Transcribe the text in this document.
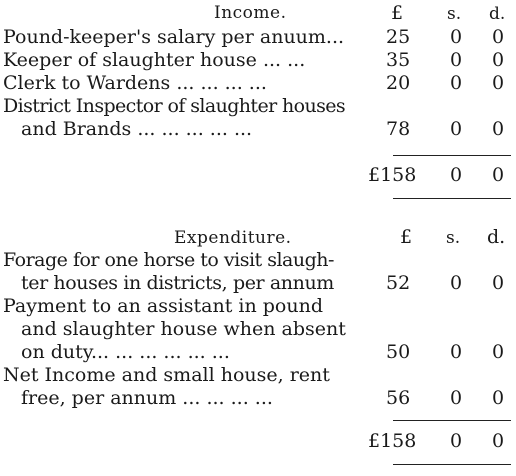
Income.	£	s. d.
Pound-keeper's salary per anuum... 25 0 0
Keeper of slaughter house ... ...	35 0 0
Clerk to Wardens ... ... ... ...	20 0 0
District Inspector of slaughter houses
and Brands ... ... ... ... ...	78 0 0
£158 0 0
Expenditure.	£ s. d.
Forage for one horse to visit slaugh-
ter houses in districts, per annum	52 0 0
Payment to an assistant in pound
and slaughter house when absent
on duty... ... ... ... ... ...	50 0 0
Net Income and small house, rent
free, per annum ... ... ... ...	56 0 0
£158 0 0
